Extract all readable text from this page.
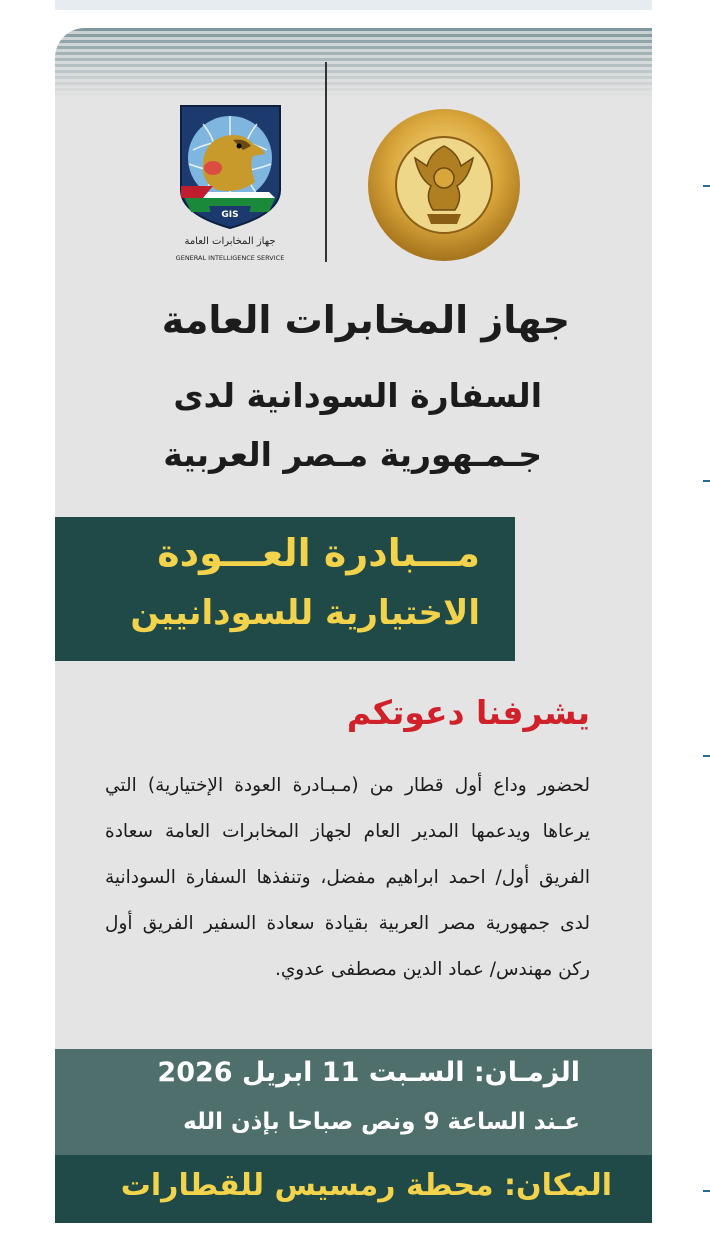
GIS
جهاز المخابرات العامة
GENERAL INTELLIGENCE SERVICE
جهاز المخابرات العامة
السفارة السودانية لدى
جـمـهورية مـصر العربية
مـــبادرة العـــودة
الاختيارية للسودانيين
يشرفنا دعوتكم
لحضور وداع أول قطار من (مـبـادرة العودة الإختيارية) التي يرعاها ويدعمها المدير العام لجهاز المخابرات العامة سعادة الفريق أول/ احمد ابراهيم مفضل، وتنفذها السفارة السودانية لدى جمهورية مصر العربية بقيادة سعادة السفير الفريق أول ركن مهندس/ عماد الدين مصطفى عدوي.
الزمـان: السـبت 11 ابريل 2026
عـند الساعة 9 ونص صباحا بإذن الله
المكان: محطة رمسيس للقطارات
